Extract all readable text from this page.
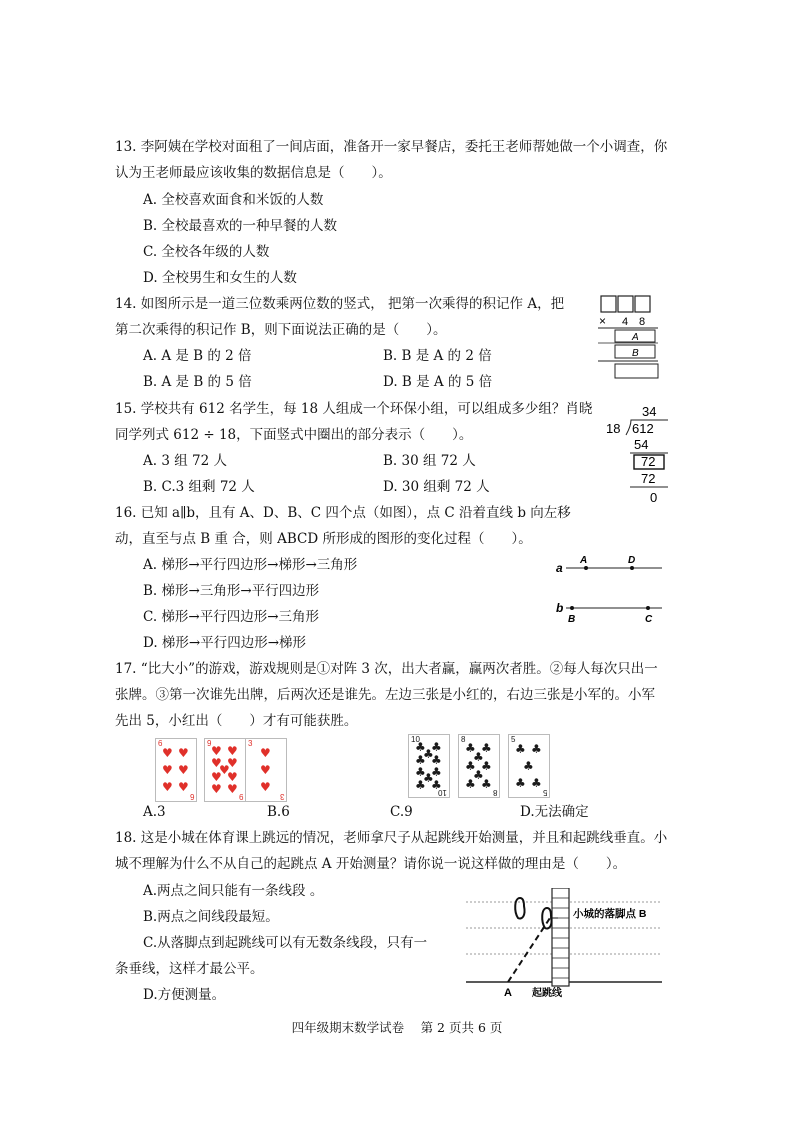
13. 李阿姨在学校对面租了一间店面，准备开一家早餐店，委托王老师帮她做一个小调查，你
认为王老师最应该收集的数据信息是（　　）。
A. 全校喜欢面食和米饭的人数
B. 全校最喜欢的一种早餐的人数
C. 全校各年级的人数
D. 全校男生和女生的人数
14. 如图所示是一道三位数乘两位数的竖式， 把第一次乘得的积记作 A，把
第二次乘得的积记作 B，则下面说法正确的是（　　）。
A. A 是 B 的 2 倍	B. B 是 A 的 2 倍
B. A 是 B 的 5 倍	D. B 是 A 的 5 倍
× 4 8
A
B
15. 学校共有 612 名学生，每 18 人组成一个环保小组，可以组成多少组？肖晓
同学列式 612 ÷ 18，下面竖式中圈出的部分表示（　　）。
A. 3 组 72 人	B. 30 组 72 人
B. C.3 组剩 72 人	D. 30 组剩 72 人
34
18 612
54
72
72
0
16. 已知 a∥b，且有 A、D、B、C 四个点（如图），点 C 沿着直线 b 向左移
动，直至与点 B 重 合，则 ABCD 所形成的图形的变化过程（　　）。
A. 梯形→平行四边形→梯形→三角形
B. 梯形→三角形→平行四边形
C. 梯形→平行四边形→三角形
D. 梯形→平行四边形→梯形
a
A	D
b
B	C
17. “比大小”的游戏，游戏规则是①对阵 3 次，出大者赢，赢两次者胜。②每人每次只出一
张牌。③第一次谁先出牌，后两次还是谁先。左边三张是小红的，右边三张是小军的。小军
先出 5，小红出（　　）才有可能获胜。
6
6
♥ ♥
♥ ♥
♥ ♥
9
9
♥ ♥
♥ ♥
♥
♥ ♥
♥ ♥
3
3
♥
♥
♥
10
10
♣ ♣
♣
♣ ♣
♣ ♣
♣
♣ ♣
8
8
♣ ♣
♣
♣ ♣
♣
♣ ♣
5
5
♣ ♣
♣
♣ ♣
A.3	B.6	C.9	D.无法确定
18. 这是小城在体育课上跳远的情况，老师拿尺子从起跳线开始测量，并且和起跳线垂直。小
城不理解为什么不从自己的起跳点 A 开始测量？请你说一说这样做的理由是（　　）。
A.两点之间只能有一条线段 。
B.两点之间线段最短。
C.从落脚点到起跳线可以有无数条线段，只有一
条垂线，这样才最公平。
D.方便测量。
小城的落脚点 B
A 起跳线
四年级期末数学试卷　 第 2 页共 6 页
